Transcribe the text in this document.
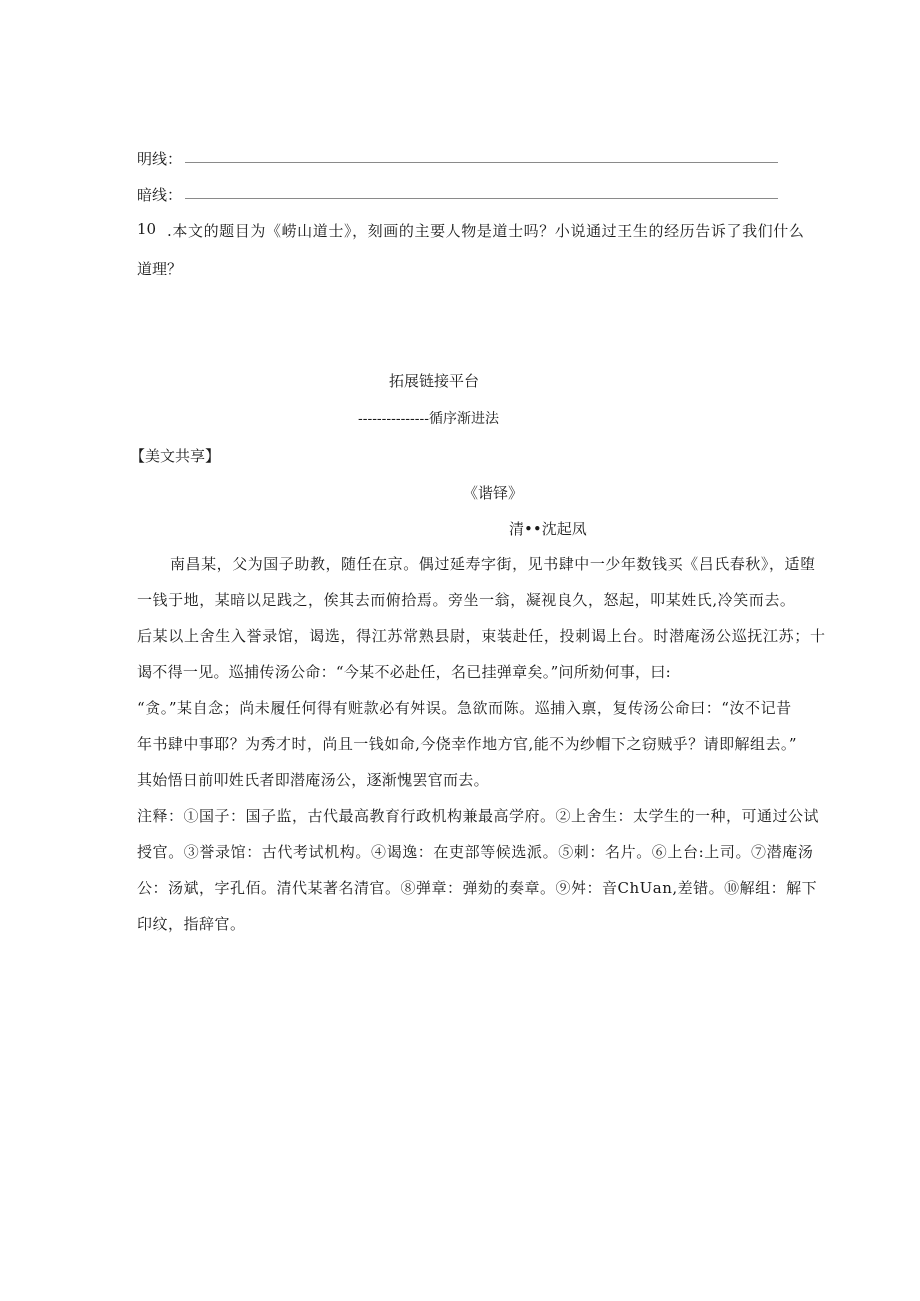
明线：
暗线：
10 .本文的题目为《崂山道士》，刻画的主要人物是道士吗？小说通过王生的经历告诉了我们什么
道理？
拓展链接平台
---------------循序渐进法
【美文共享】
《谐铎》
清••沈起凤
南昌某，父为国子助教，随任在京。偶过延寿字街，见书肆中一少年数钱买《吕氏春秋》，适堕
一钱于地，某暗以足践之，俟其去而俯拾焉。旁坐一翁，凝视良久，怒起，叩某姓氏,冷笑而去。
后某以上舍生入誉录馆，谒选，得江苏常熟县尉，束装赴任，投刺谒上台。时潜庵汤公巡抚江苏；十
谒不得一见。巡捕传汤公命：“今某不必赴任，名已挂弹章矣。”问所劾何事，曰:
“贪。”某自念；尚未履任何得有赃款必有舛误。急欲而陈。巡捕入禀，复传汤公命曰：“汝不记昔
年书肆中事耶？为秀才时，尚且一钱如命,今侥幸作地方官,能不为纱帽下之窃贼乎？请即解组去。”
其始悟日前叩姓氏者即潜庵汤公，逐渐愧罢官而去。
注释：①国子：国子监，古代最高教育行政机构兼最高学府。②上舍生：太学生的一种，可通过公试
授官。③誉录馆：古代考试机构。④谒逸：在吏部等候选派。⑤刺：名片。⑥上台:上司。⑦潜庵汤
公：汤斌，字孔佰。清代某著名清官。⑧弹章：弹劾的奏章。⑨舛：音ChUan,差错。⑩解组：解下
印纹，指辞官。
